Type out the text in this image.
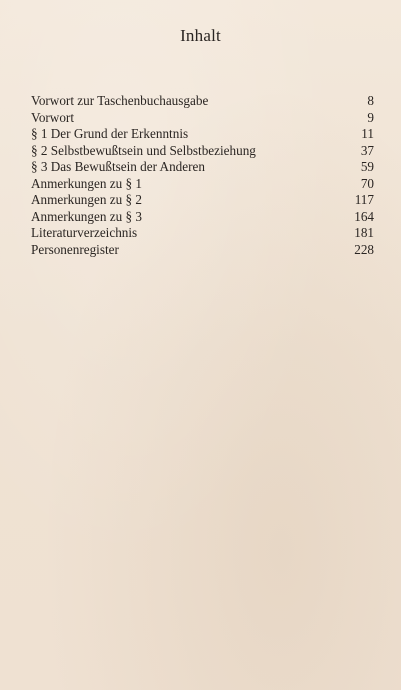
Inhalt
Vorwort zur Taschenbuchausgabe	8
Vorwort	9
§ 1 Der Grund der Erkenntnis	11
§ 2 Selbstbewußtsein und Selbstbeziehung	37
§ 3 Das Bewußtsein der Anderen	59
Anmerkungen zu § 1	70
Anmerkungen zu § 2	117
Anmerkungen zu § 3	164
Literaturverzeichnis	181
Personenregister	228
